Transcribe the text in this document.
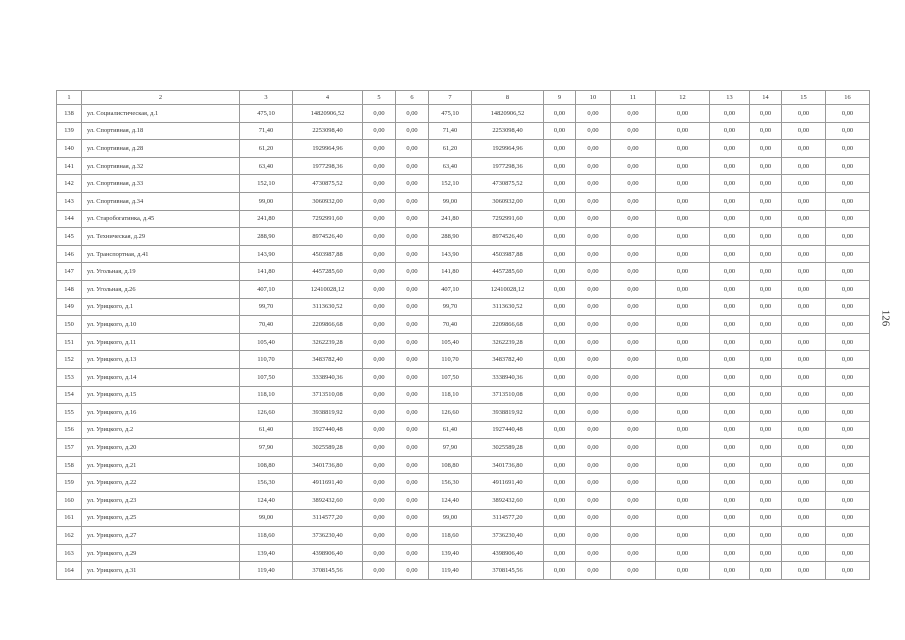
1	2	3	4	5	6	7	8	9	10	11	12	13	14	15	16
138	ул. Социалистическая, д.1	475,10	14820906,52	0,00	0,00	475,10	14820906,52	0,00	0,00	0,00	0,00	0,00	0,00	0,00	0,00
139	ул. Спортивная, д.18	71,40	2253098,40	0,00	0,00	71,40	2253098,40	0,00	0,00	0,00	0,00	0,00	0,00	0,00	0,00
140	ул. Спортивная, д.28	61,20	1929964,96	0,00	0,00	61,20	1929964,96	0,00	0,00	0,00	0,00	0,00	0,00	0,00	0,00
141	ул. Спортивная, д.32	63,40	1977298,36	0,00	0,00	63,40	1977298,36	0,00	0,00	0,00	0,00	0,00	0,00	0,00	0,00
142	ул. Спортивная, д.33	152,10	4730875,52	0,00	0,00	152,10	4730875,52	0,00	0,00	0,00	0,00	0,00	0,00	0,00	0,00
143	ул. Спортивная, д.34	99,00	3060932,00	0,00	0,00	99,00	3060932,00	0,00	0,00	0,00	0,00	0,00	0,00	0,00	0,00
144	ул. Старобогатинка, д.45	241,80	7292991,60	0,00	0,00	241,80	7292991,60	0,00	0,00	0,00	0,00	0,00	0,00	0,00	0,00
145	ул. Техническая, д.29	288,90	8974526,40	0,00	0,00	288,90	8974526,40	0,00	0,00	0,00	0,00	0,00	0,00	0,00	0,00
146	ул. Транспортная, д.41	143,90	4503987,88	0,00	0,00	143,90	4503987,88	0,00	0,00	0,00	0,00	0,00	0,00	0,00	0,00
147	ул. Угольная, д.19	141,80	4457285,60	0,00	0,00	141,80	4457285,60	0,00	0,00	0,00	0,00	0,00	0,00	0,00	0,00
148	ул. Угольная, д.26	407,10	12410028,12	0,00	0,00	407,10	12410028,12	0,00	0,00	0,00	0,00	0,00	0,00	0,00	0,00
149	ул. Урицкого, д.1	99,70	3113630,52	0,00	0,00	99,70	3113630,52	0,00	0,00	0,00	0,00	0,00	0,00	0,00	0,00
150	ул. Урицкого, д.10	70,40	2209866,68	0,00	0,00	70,40	2209866,68	0,00	0,00	0,00	0,00	0,00	0,00	0,00	0,00
151	ул. Урицкого, д.11	105,40	3262239,28	0,00	0,00	105,40	3262239,28	0,00	0,00	0,00	0,00	0,00	0,00	0,00	0,00
152	ул. Урицкого, д.13	110,70	3483782,40	0,00	0,00	110,70	3483782,40	0,00	0,00	0,00	0,00	0,00	0,00	0,00	0,00
153	ул. Урицкого, д.14	107,50	3338940,36	0,00	0,00	107,50	3338940,36	0,00	0,00	0,00	0,00	0,00	0,00	0,00	0,00
154	ул. Урицкого, д.15	118,10	3713510,08	0,00	0,00	118,10	3713510,08	0,00	0,00	0,00	0,00	0,00	0,00	0,00	0,00
155	ул. Урицкого, д.16	126,60	3938819,92	0,00	0,00	126,60	3938819,92	0,00	0,00	0,00	0,00	0,00	0,00	0,00	0,00
156	ул. Урицкого, д.2	61,40	1927440,48	0,00	0,00	61,40	1927440,48	0,00	0,00	0,00	0,00	0,00	0,00	0,00	0,00
157	ул. Урицкого, д.20	97,90	3025589,28	0,00	0,00	97,90	3025589,28	0,00	0,00	0,00	0,00	0,00	0,00	0,00	0,00
158	ул. Урицкого, д.21	108,80	3401736,80	0,00	0,00	108,80	3401736,80	0,00	0,00	0,00	0,00	0,00	0,00	0,00	0,00
159	ул. Урицкого, д.22	156,30	4911691,40	0,00	0,00	156,30	4911691,40	0,00	0,00	0,00	0,00	0,00	0,00	0,00	0,00
160	ул. Урицкого, д.23	124,40	3892432,60	0,00	0,00	124,40	3892432,60	0,00	0,00	0,00	0,00	0,00	0,00	0,00	0,00
161	ул. Урицкого, д.25	99,00	3114577,20	0,00	0,00	99,00	3114577,20	0,00	0,00	0,00	0,00	0,00	0,00	0,00	0,00
162	ул. Урицкого, д.27	118,60	3736230,40	0,00	0,00	118,60	3736230,40	0,00	0,00	0,00	0,00	0,00	0,00	0,00	0,00
163	ул. Урицкого, д.29	139,40	4398906,40	0,00	0,00	139,40	4398906,40	0,00	0,00	0,00	0,00	0,00	0,00	0,00	0,00
164	ул. Урицкого, д.31	119,40	3708145,56	0,00	0,00	119,40	3708145,56	0,00	0,00	0,00	0,00	0,00	0,00	0,00	0,00
126
